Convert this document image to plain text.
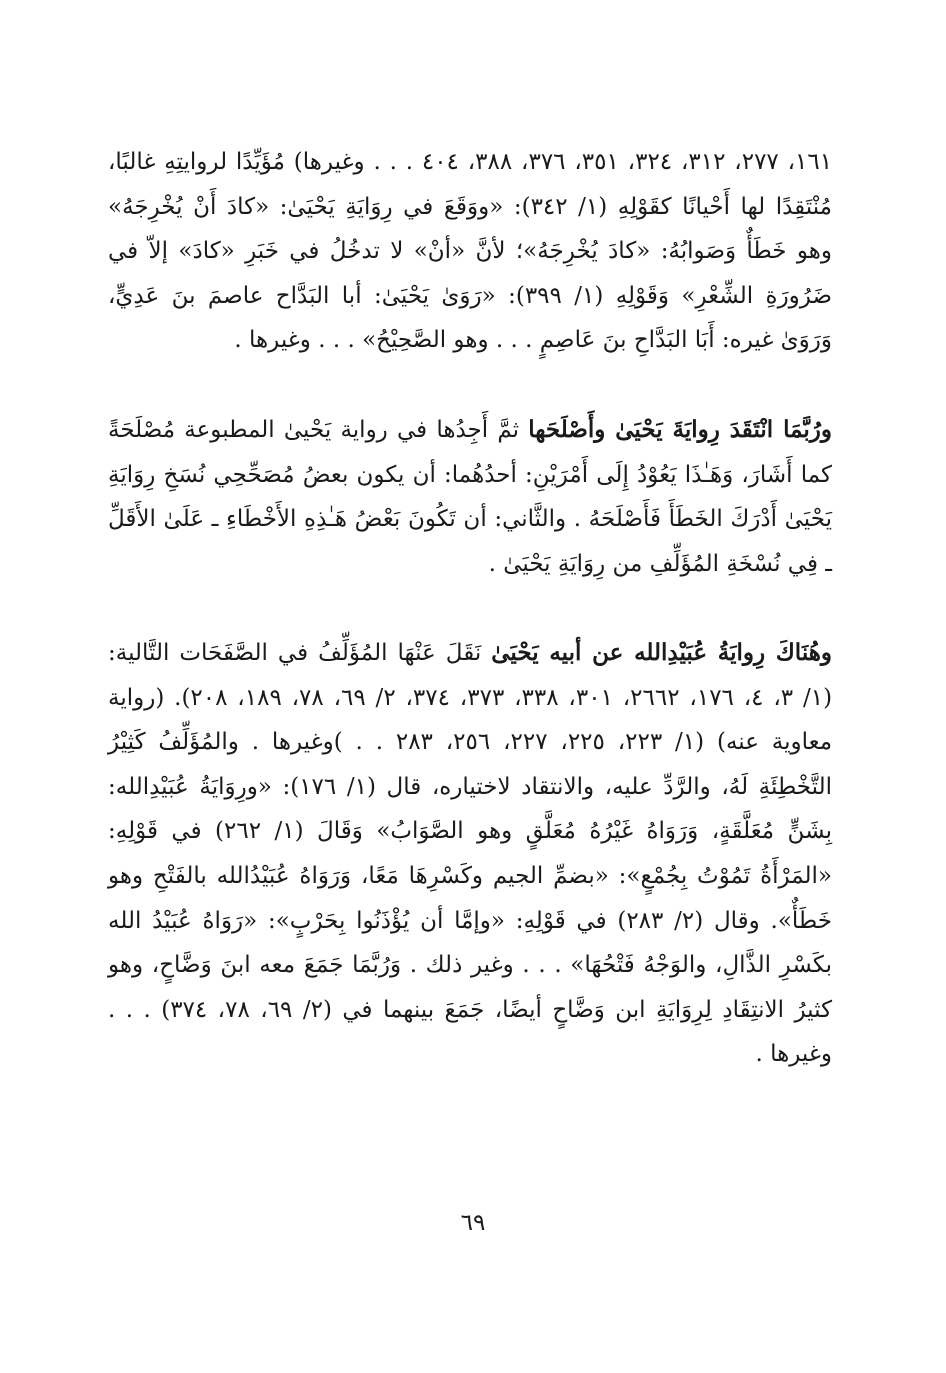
١٦١، ٢٧٧، ٣١٢، ٣٢٤، ٣٥١، ٣٧٦، ٣٨٨، ٤٠٤ . . . وغيرها) مُؤَيِّدًا لروايتِهِ غالبًا، مُنْتَقِدًا لها أَحْيانًا كقَوْلِهِ (١/ ٣٤٢): «ووَقَعَ في رِوَايَةِ يَحْيَىٰ: «كادَ أَنْ يُخْرِجَهُ» وهو خَطَأٌ وَصَوابُهُ: «كادَ يُخْرِجَهُ»؛ لأنَّ «أنْ» لا تدخُلُ في خَبَرِ «كادَ» إلاّ في ضَرُورَةِ الشِّعْرِ» وَقَوْلِهِ (١/ ٣٩٩): «رَوَىٰ يَحْيَىٰ: أبا البَدَّاح عاصمَ بنَ عَدِيٍّ، وَرَوَىٰ غيره: أَبَا البَدَّاحِ بنَ عَاصِمٍ . . . وهو الصَّحِيْحُ» . . . وغيرها .

ورُبَّمَا انْتَقَدَ رِوايَةَ يَحْيَىٰ وأَصْلَحَها ثمَّ أَجِدُها في رواية يَحْيىٰ المطبوعة مُصْلَحَةً كما أَشَارَ، وَهَـٰذَا يَعُوْدُ إِلَى أَمْرَيْنِ: أحدُهُما: أن يكون بعضُ مُصَحِّحِي نُسَخِ رِوَايَةِ يَحْيَىٰ أَدْرَكَ الخَطَأَ فَأَصْلَحَهُ . والثَّاني: أن تَكُونَ بَعْضُ هَـٰذِهِ الأَخْطَاءِ ـ عَلَىٰ الأَقَلِّ ـ فِي نُسْخَةِ المُؤَلِّفِ من رِوَايَةِ يَحْيَىٰ .

وهُنَاكَ رِوايَةُ عُبَيْدِالله عن أبيه يَحْيَىٰ نَقَلَ عَنْهَا المُؤَلِّفُ في الصَّفَحَات التَّالية: (١/ ٣، ٤، ١٧٦، ٢٦٦٢، ٣٠١، ٣٣٨، ٣٧٣، ٣٧٤، ٢/ ٦٩، ٧٨، ١٨٩، ٢٠٨). (رواية معاوية عنه) (١/ ٢٢٣، ٢٢٥، ٢٢٧، ٢٥٦، ٢٨٣ . . )وغيرها . والمُؤَلِّفُ كَثِيْرُ التَّخْطِئَةِ لَهُ، والرَّدِّ عليه، والانتقاد لاختياره، قال (١/ ١٧٦): «ورِوَايَةُ عُبَيْدِالله: بِشَنٍّ مُعَلَّقَةٍ، وَرَوَاهُ غَيْرُهُ مُعَلَّقٍ وهو الصَّوَابُ» وَقَالَ (١/ ٢٦٢) في قَوْلِهِ: «المَرْأَةُ تَمُوْتُ بِجُمْعٍ»: «بضمِّ الجيم وكَسْرِهَا مَعًا، وَرَوَاهُ عُبَيْدُالله بالفَتْحِ وهو خَطَأٌ». وقال (٢/ ٢٨٣) في قَوْلِهِ: «وإمَّا أن يُؤْذَنُوا بِحَرْبٍ»: «رَوَاهُ عُبَيْدُ الله بكَسْرِ الذَّالِ، والوَجْهُ فَتْحُهَا» . . . وغير ذلك . وَرُبَّمَا جَمَعَ معه ابنَ وَضَّاحٍ، وهو كثيرُ الانتِقَادِ لِرِوَايَةِ ابن وَضَّاحٍ أيضًا، جَمَعَ بينهما في (٢/ ٦٩، ٧٨، ٣٧٤) . . . وغيرها .

٦٩
